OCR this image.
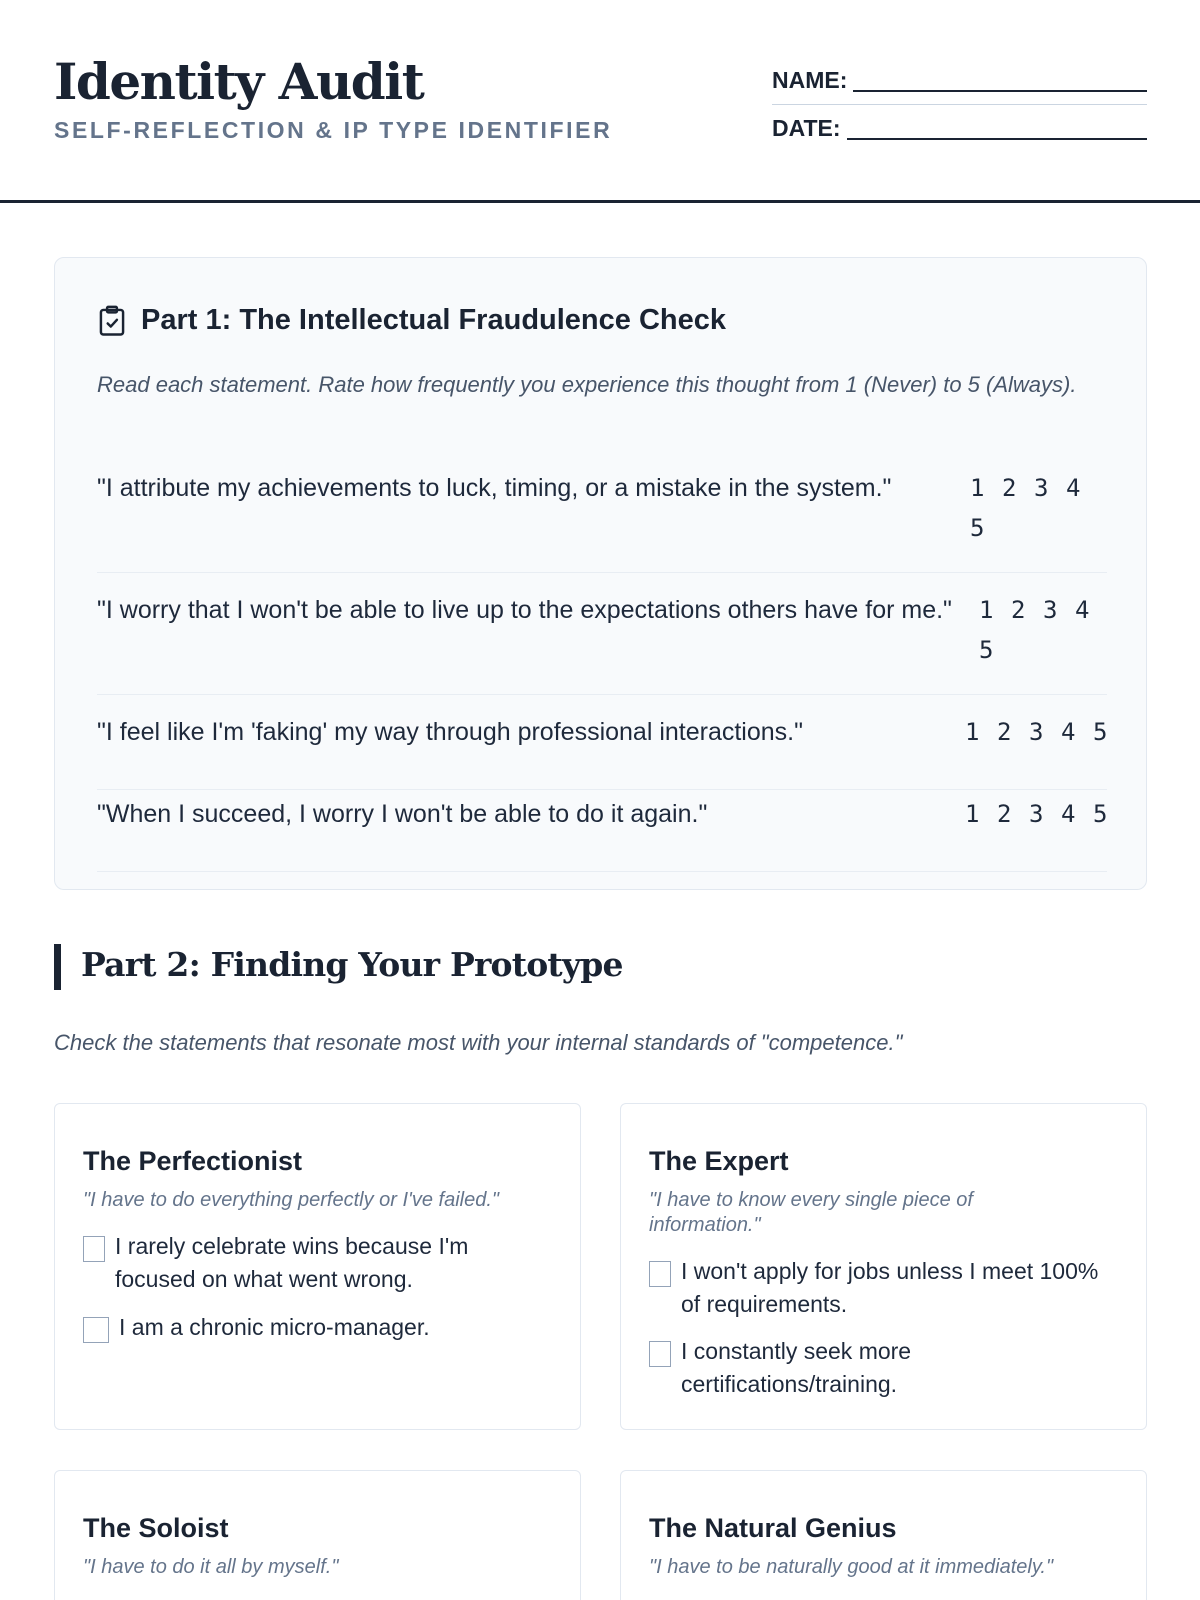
Identity Audit
SELF-REFLECTION & IP TYPE IDENTIFIER
NAME:
DATE:
Part 1: The Intellectual Fraudulence Check
Read each statement. Rate how frequently you experience this thought from 1 (Never) to 5 (Always).
"I attribute my achievements to luck, timing, or a mistake in the system."	1 2 3 45
"I worry that I won't be able to live up to the expectations others have for me."	1 2 3 45
"I feel like I'm 'faking' my way through professional interactions."	1 2 3 4 5
"When I succeed, I worry I won't be able to do it again."	1 2 3 4 5
Part 2: Finding Your Prototype
Check the statements that resonate most with your internal standards of "competence."
The Perfectionist
"I have to do everything perfectly or I've failed."
I rarely celebrate wins because I'm focused on what went wrong.
I am a chronic micro-manager.
The Expert
"I have to know every single piece of information."
I won't apply for jobs unless I meet 100% of requirements.
I constantly seek more certifications/training.
The Soloist
"I have to do it all by myself."
The Natural Genius
"I have to be naturally good at it immediately."
